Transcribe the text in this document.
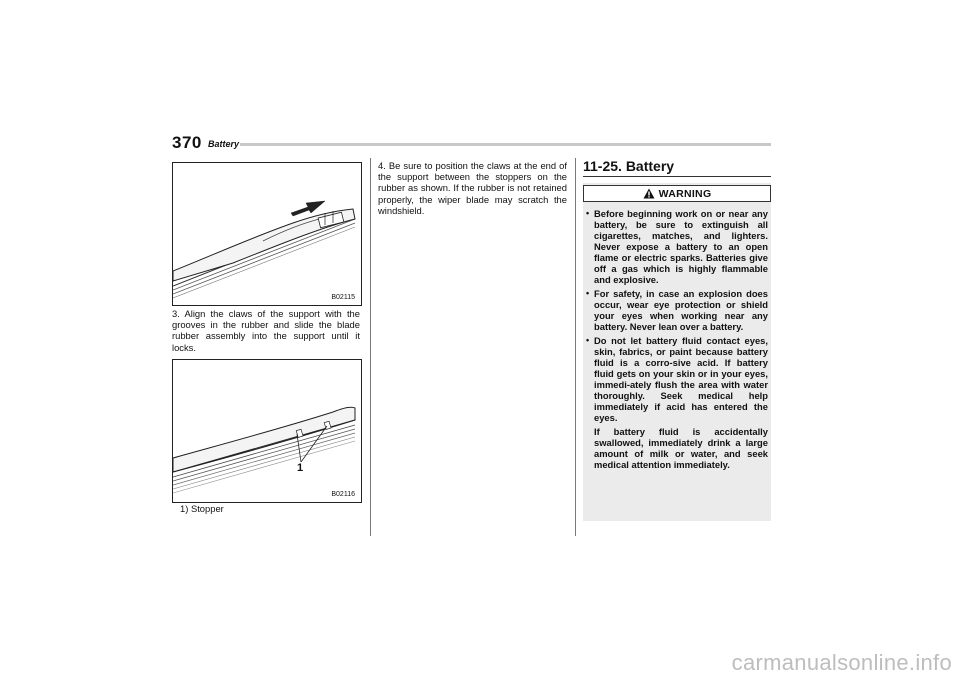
370 Battery
B02115

3. Align the claws of the support with the grooves in the rubber and slide the blade rubber assembly into the support until it locks.

1
B02116
1) Stopper

4. Be sure to position the claws at the end of the support between the stoppers on the rubber as shown. If the rubber is not retained properly, the wiper blade may scratch the windshield.

11-25. Battery
WARNING
• Before beginning work on or near any battery, be sure to extinguish all cigarettes, matches, and lighters. Never expose a battery to an open flame or electric sparks. Batteries give off a gas which is highly flammable and explosive.

• For safety, in case an explosion does occur, wear eye protection or shield your eyes when working near any battery. Never lean over a battery.

• Do not let battery fluid contact eyes, skin, fabrics, or paint because battery fluid is a corro-sive acid. If battery fluid gets on your skin or in your eyes, immedi-ately flush the area with water thoroughly. Seek medical help immediately if acid has entered the eyes.

If battery fluid is accidentally swallowed, immediately drink a large amount of milk or water, and seek medical attention immediately.

carmanualsonline.info
